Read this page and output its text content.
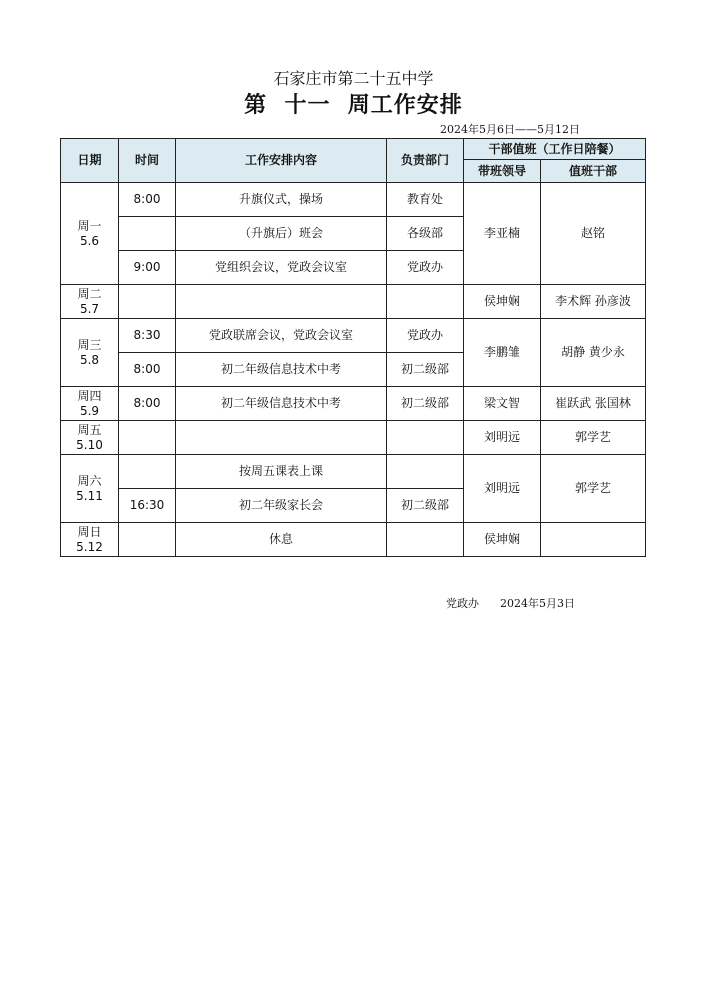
石家庄市第二十五中学
第  十一  周工作安排
2024年5月6日——5月12日
日期	时间	工作安排内容	负责部门	干部值班（工作日陪餐）	
				带班领导	值班干部

周一
5.6	8:00	升旗仪式，操场	教育处	李亚楠	赵铭
		（升旗后）班会	各级部		
	9:00	党组织会议，党政会议室	党政办		

周二
5.7				侯坤娴	李术辉 孙彦波

周三
5.8	8:30	党政联席会议，党政会议室	党政办	李鹏雏	胡静 黄少永
	8:00	初二年级信息技术中考	初二级部		

周四
5.9	8:00	初二年级信息技术中考	初二级部	梁文智	崔跃武 张国林

周五
5.10				刘明远	郭学艺

周六
5.11		按周五课表上课		刘明远	郭学艺
	16:30	初二年级家长会	初二级部		

周日
5.12		休息		侯坤娴	
党政办 2024年5月3日
